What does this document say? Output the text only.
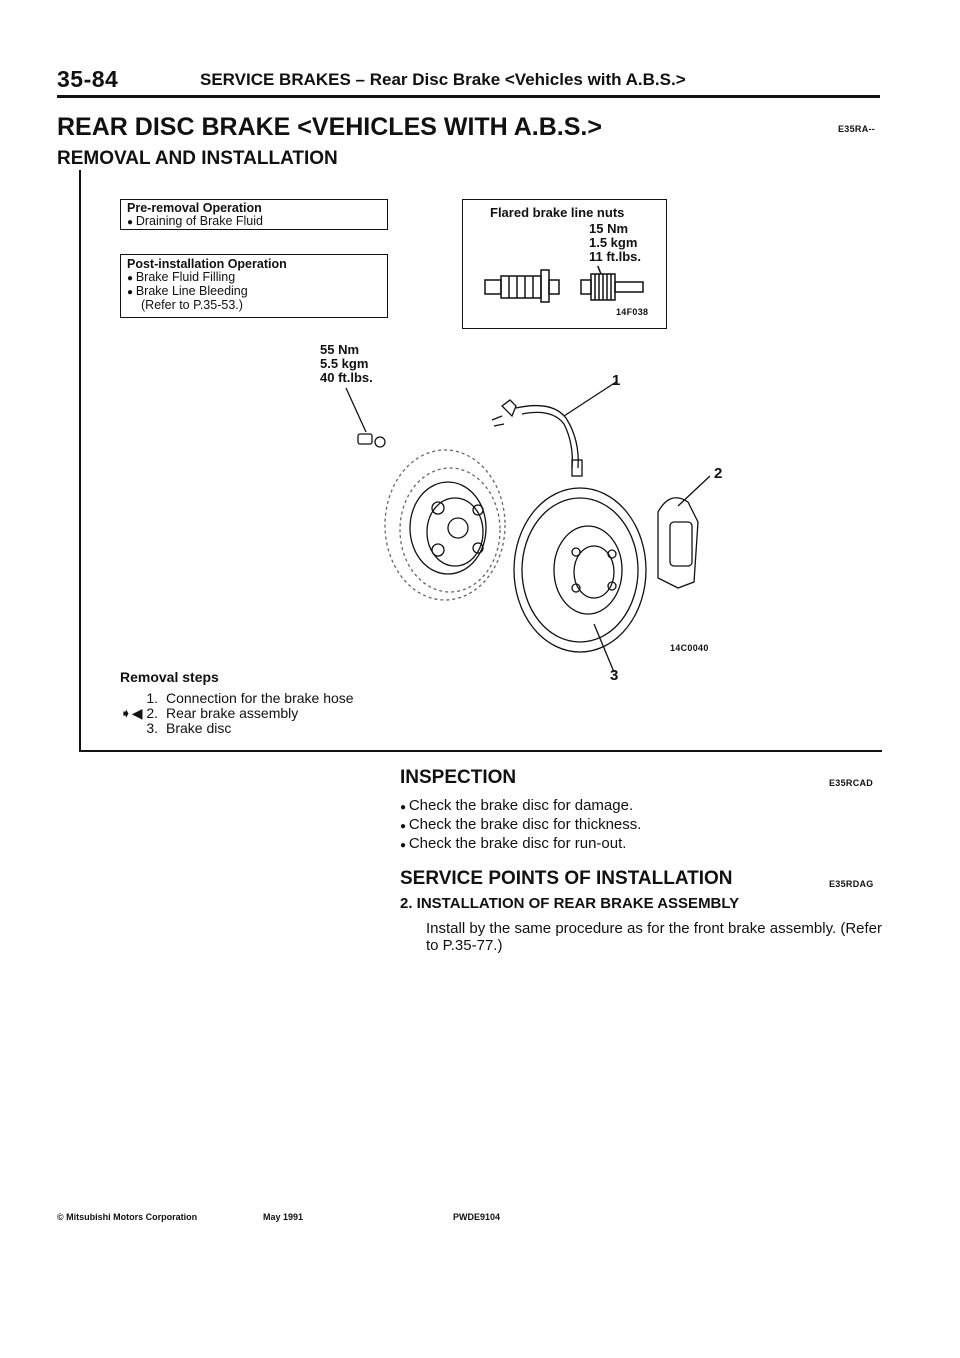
35-84	SERVICE BRAKES – Rear Disc Brake <Vehicles with A.B.S.>
REAR DISC BRAKE <VEHICLES WITH A.B.S.>	E35RA--
REMOVAL AND INSTALLATION
Pre-removal Operation
● Draining of Brake Fluid
Post-installation Operation
● Brake Fluid Filling
● Brake Line Bleeding
(Refer to P.35-53.)
Flared brake line nuts
15 Nm
1.5 kgm
11 ft.lbs.
14F038
55 Nm
5.5 kgm
40 ft.lbs.	1
2
3
14C0040
Removal steps
1. Connection for the brake hose
➧◀ 2. Rear brake assembly
3. Brake disc
INSPECTION	E35RCAD
● Check the brake disc for damage.
● Check the brake disc for thickness.
● Check the brake disc for run-out.
SERVICE POINTS OF INSTALLATION	E35RDAG
2. INSTALLATION OF REAR BRAKE ASSEMBLY
Install by the same procedure as for the front brake assembly. (Refer to P.35-77.)
© Mitsubishi Motors Corporation	May 1991	PWDE9104
